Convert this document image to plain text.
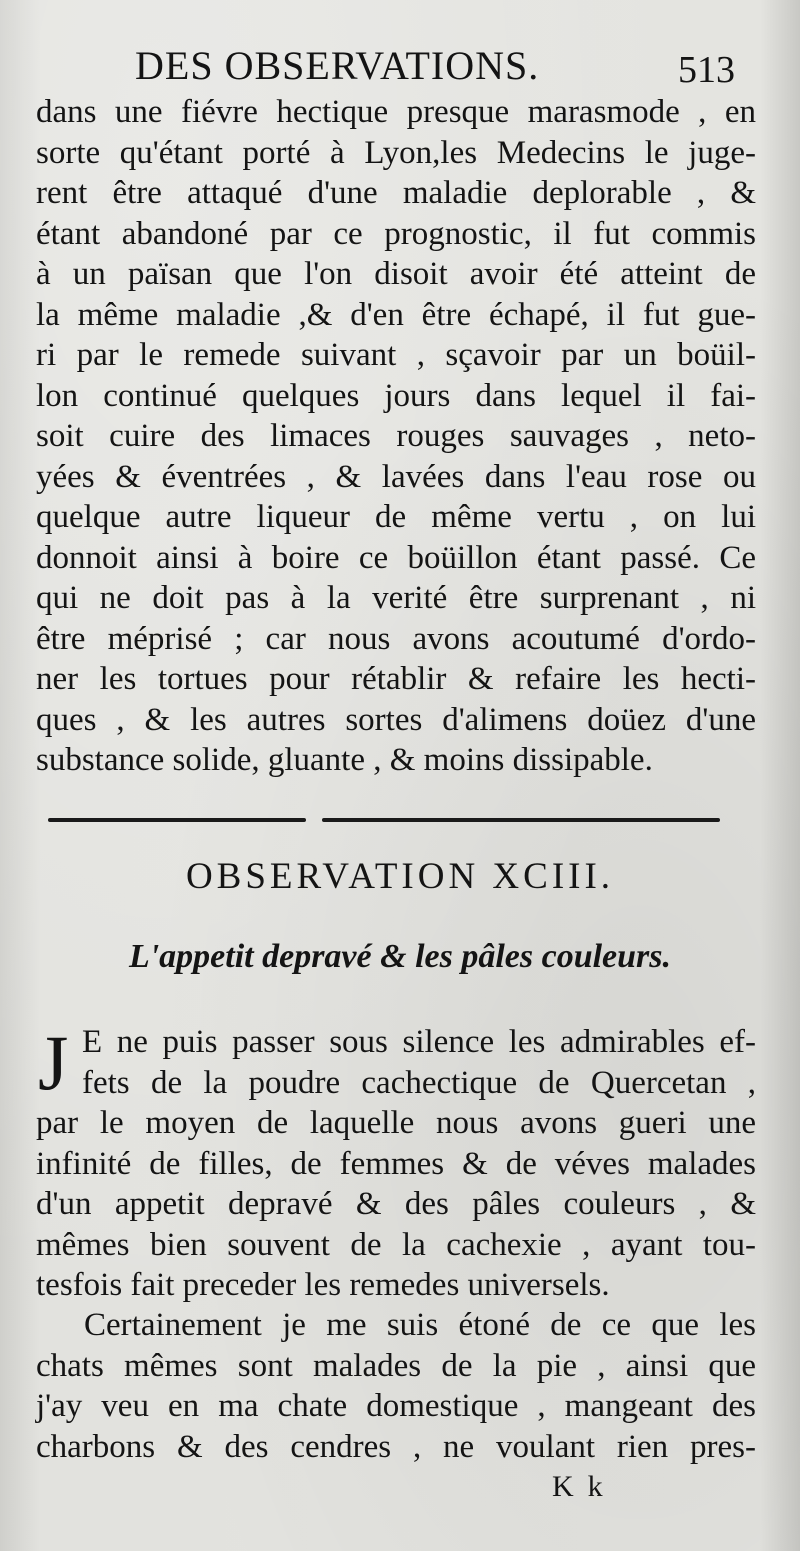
DES OBSERVATIONS.	513
dans une fiévre hectique presque marasmode , en
sorte qu'étant porté à Lyon,les Medecins le juge-
rent être attaqué d'une maladie deplorable , &
étant abandoné par ce prognostic, il fut commis
à un païsan que l'on disoit avoir été atteint de
la même maladie ,& d'en être échapé, il fut gue-
ri par le remede suivant , sçavoir par un boüil-
lon continué quelques jours dans lequel il fai-
soit cuire des limaces rouges sauvages , neto-
yées & éventrées , & lavées dans l'eau rose ou
quelque autre liqueur de même vertu , on lui
donnoit ainsi à boire ce boüillon étant passé. Ce
qui ne doit pas à la verité être surprenant , ni
être méprisé ; car nous avons acoutumé d'ordo-
ner les tortues pour rétablir & refaire les hecti-
ques , & les autres sortes d'alimens doüez d'une
substance solide, gluante , & moins dissipable.
OBSERVATION XCIII.
L'appetit depravé & les pâles couleurs.
J E ne puis passer sous silence les admirables ef-
fets de la poudre cachectique de Quercetan ,
par le moyen de laquelle nous avons gueri une
infinité de filles, de femmes & de véves malades
d'un appetit depravé & des pâles couleurs , &
mêmes bien souvent de la cachexie , ayant tou-
tesfois fait preceder les remedes universels.
Certainement je me suis étoné de ce que les
chats mêmes sont malades de la pie , ainsi que
j'ay veu en ma chate domestique , mangeant des
charbons & des cendres , ne voulant rien pres-
Kk
